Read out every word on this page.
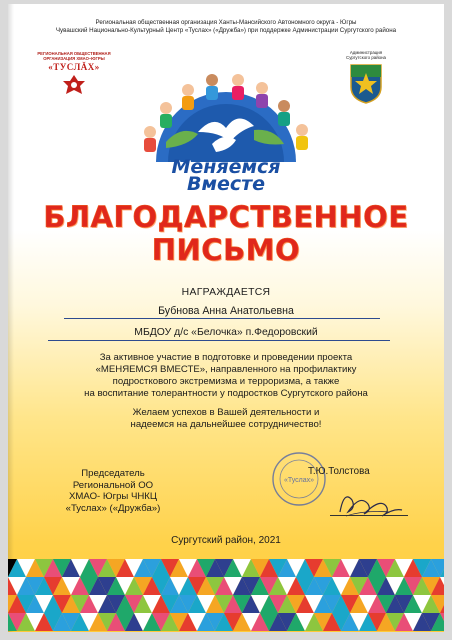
Региональная общественная организация Ханты-Мансийского Автономного округа - Югры
Чувашский Национально-Культурный Центр «Туслах» («Дружба») при поддержке Администрации Сургутского района
РЕГИОНАЛЬНАЯ ОБЩЕСТВЕННАЯ
ОРГАНИЗАЦИЯ ХМАО–ЮГРЫ
«ТУСЛĂХ»
Администрация
Сургутского района
Меняемся
Вместе
БЛАГОДАРСТВЕННОЕ
ПИСЬМО
НАГРАЖДАЕТСЯ
Бубнова Анна Анатольевна
МБДОУ д/с «Белочка» п.Федоровский
За активное участие в подготовке и проведении проекта
«МЕНЯЕМСЯ ВМЕСТЕ», направленного на профилактику
подросткового экстремизма и терроризма, а также
на воспитание толерантности у подростков Сургутского района
Желаем успехов в Вашей деятельности и
надеемся на дальнейшее сотрудничество!
Председатель
Региональной ОО
ХМАО- Югры ЧНКЦ
«Туслах» («Дружба»)
«Туслах»
Т.Ю.Толстова
Сургутский район, 2021
